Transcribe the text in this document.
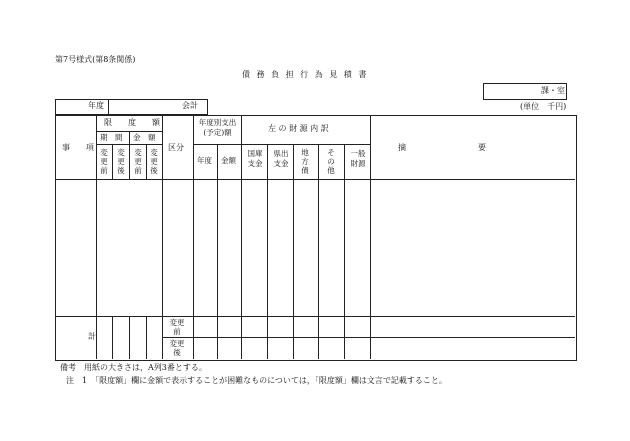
第7号様式(第8条関係)
債 務 負 担 行 為 見 積 書
課・室
(単位　千円)
年度	会計
事　　項
限　　度　　額
期　間 金　額
変更前
変更後
変更前
変更後
区分
年度別支出(予定)額
年度 金額
左 の 財 源 内 訳
国庫支金
県出支金
地方債
その他
一般財源
摘　　　　　　　　　要
計
変更前
変更後
備考　用紙の大きさは，A列3番とする。
注　1　「限度額」欄に金額で表示することが困難なものについては，「限度額」欄は文言で記載すること。
